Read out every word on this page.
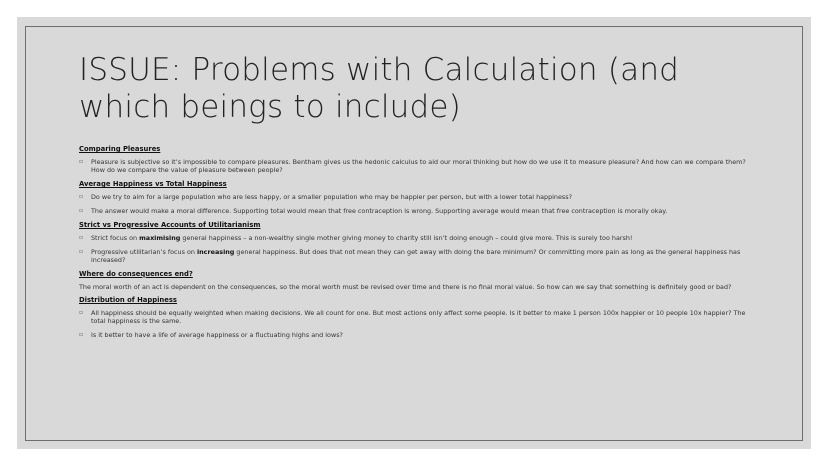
ISSUE: Problems with Calculation (and which beings to include)
Comparing Pleasures
▫ Pleasure is subjective so it’s impossible to compare pleasures. Bentham gives us the hedonic calculus to aid our moral thinking but how do we use it to measure pleasure? And how can we compare them? How do we compare the value of pleasure between people?
Average Happiness vs Total Happiness
▫ Do we try to aim for a large population who are less happy, or a smaller population who may be happier per person, but with a lower total happiness?
▫ The answer would make a moral difference. Supporting total would mean that free contraception is wrong. Supporting average would mean that free contraception is morally okay.
Strict vs Progressive Accounts of Utilitarianism
▫ Strict focus on maximising general happiness – a non-wealthy single mother giving money to charity still isn’t doing enough – could give more. This is surely too harsh!
▫ Progressive utilitarian’s focus on increasing general happiness. But does that not mean they can get away with doing the bare minimum? Or committing more pain as long as the general happiness has increased?
Where do consequences end?

The moral worth of an act is dependent on the consequences, so the moral worth must be revised over time and there is no final moral value. So how can we say that something is definitely good or bad?

Distribution of Happiness
▫ All happiness should be equally weighted when making decisions. We all count for one. But most actions only affect some people. Is it better to make 1 person 100x happier or 10 people 10x happier? The total happiness is the same.
▫ Is it better to have a life of average happiness or a fluctuating highs and lows?
